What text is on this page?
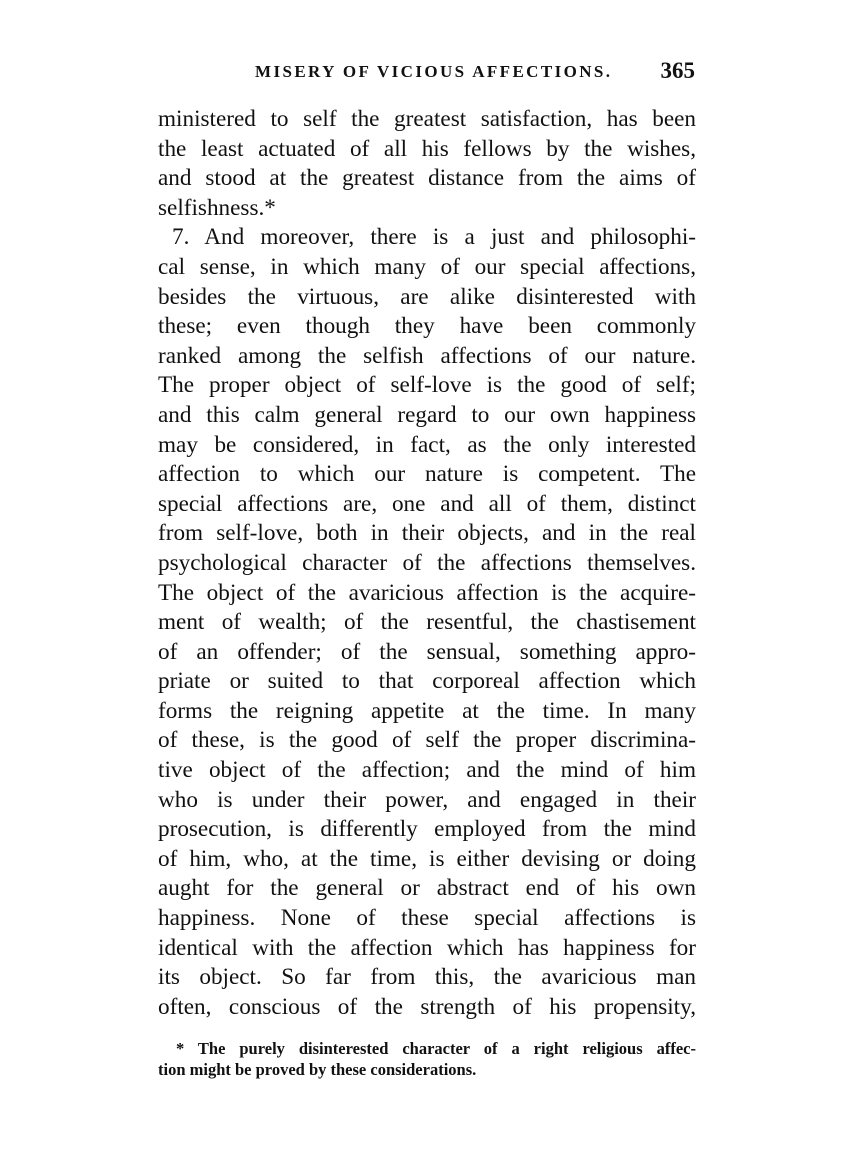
MISERY OF VICIOUS AFFECTIONS. 365
ministered to self the greatest satisfaction, has been
the least actuated of all his fellows by the wishes,
and stood at the greatest distance from the aims of
selfishness.*
7. And moreover, there is a just and philosophi-
cal sense, in which many of our special affections,
besides the virtuous, are alike disinterested with
these; even though they have been commonly
ranked among the selfish affections of our nature.
The proper object of self-love is the good of self;
and this calm general regard to our own happiness
may be considered, in fact, as the only interested
affection to which our nature is competent. The
special affections are, one and all of them, distinct
from self-love, both in their objects, and in the real
psychological character of the affections themselves.
The object of the avaricious affection is the acquire-
ment of wealth; of the resentful, the chastisement
of an offender; of the sensual, something appro-
priate or suited to that corporeal affection which
forms the reigning appetite at the time. In many
of these, is the good of self the proper discrimina-
tive object of the affection; and the mind of him
who is under their power, and engaged in their
prosecution, is differently employed from the mind
of him, who, at the time, is either devising or doing
aught for the general or abstract end of his own
happiness. None of these special affections is
identical with the affection which has happiness for
its object. So far from this, the avaricious man
often, conscious of the strength of his propensity,
* The purely disinterested character of a right religious affec-
tion might be proved by these considerations.
